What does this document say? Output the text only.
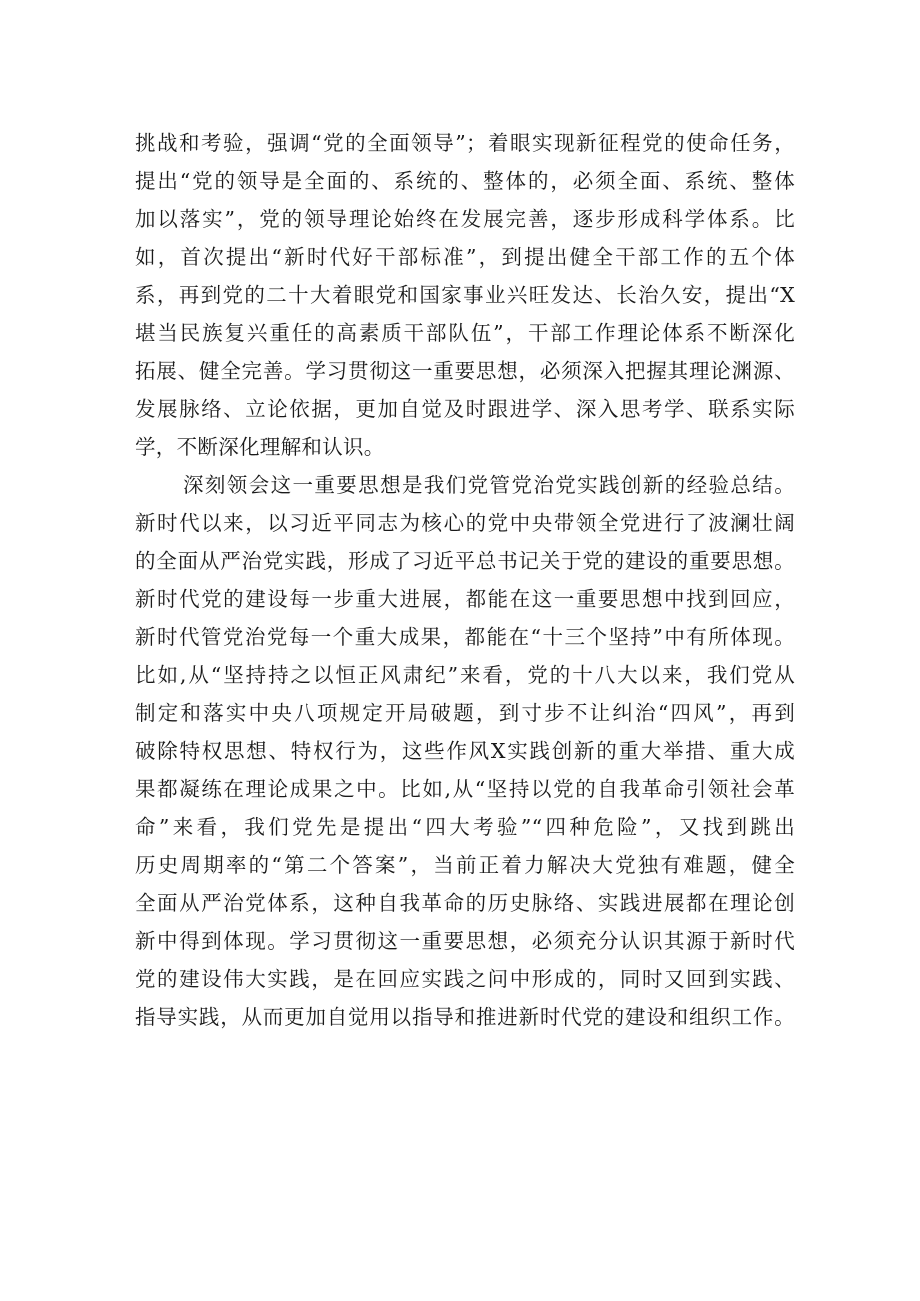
挑战和考验，强调“党的全面领导”；着眼实现新征程党的使命任务，
提出“党的领导是全面的、系统的、整体的，必须全面、系统、整体
加以落实”，党的领导理论始终在发展完善，逐步形成科学体系。比
如，首次提出“新时代好干部标准”，到提出健全干部工作的五个体
系，再到党的二十大着眼党和国家事业兴旺发达、长治久安，提出“X
堪当民族复兴重任的高素质干部队伍”，干部工作理论体系不断深化
拓展、健全完善。学习贯彻这一重要思想，必须深入把握其理论渊源、
发展脉络、立论依据，更加自觉及时跟进学、深入思考学、联系实际
学，不断深化理解和认识。
深刻领会这一重要思想是我们党管党治党实践创新的经验总结。
新时代以来，以习近平同志为核心的党中央带领全党进行了波澜壮阔
的全面从严治党实践，形成了习近平总书记关于党的建设的重要思想。
新时代党的建设每一步重大进展，都能在这一重要思想中找到回应，
新时代管党治党每一个重大成果，都能在“十三个坚持”中有所体现。
比如,从“坚持持之以恒正风肃纪”来看，党的十八大以来，我们党从
制定和落实中央八项规定开局破题，到寸步不让纠治“四风”，再到
破除特权思想、特权行为，这些作风X实践创新的重大举措、重大成
果都凝练在理论成果之中。比如,从“坚持以党的自我革命引领社会革
命”来看，我们党先是提出“四大考验”“四种危险”，又找到跳出
历史周期率的“第二个答案”，当前正着力解决大党独有难题，健全
全面从严治党体系，这种自我革命的历史脉络、实践进展都在理论创
新中得到体现。学习贯彻这一重要思想，必须充分认识其源于新时代
党的建设伟大实践，是在回应实践之问中形成的，同时又回到实践、
指导实践，从而更加自觉用以指导和推进新时代党的建设和组织工作。
